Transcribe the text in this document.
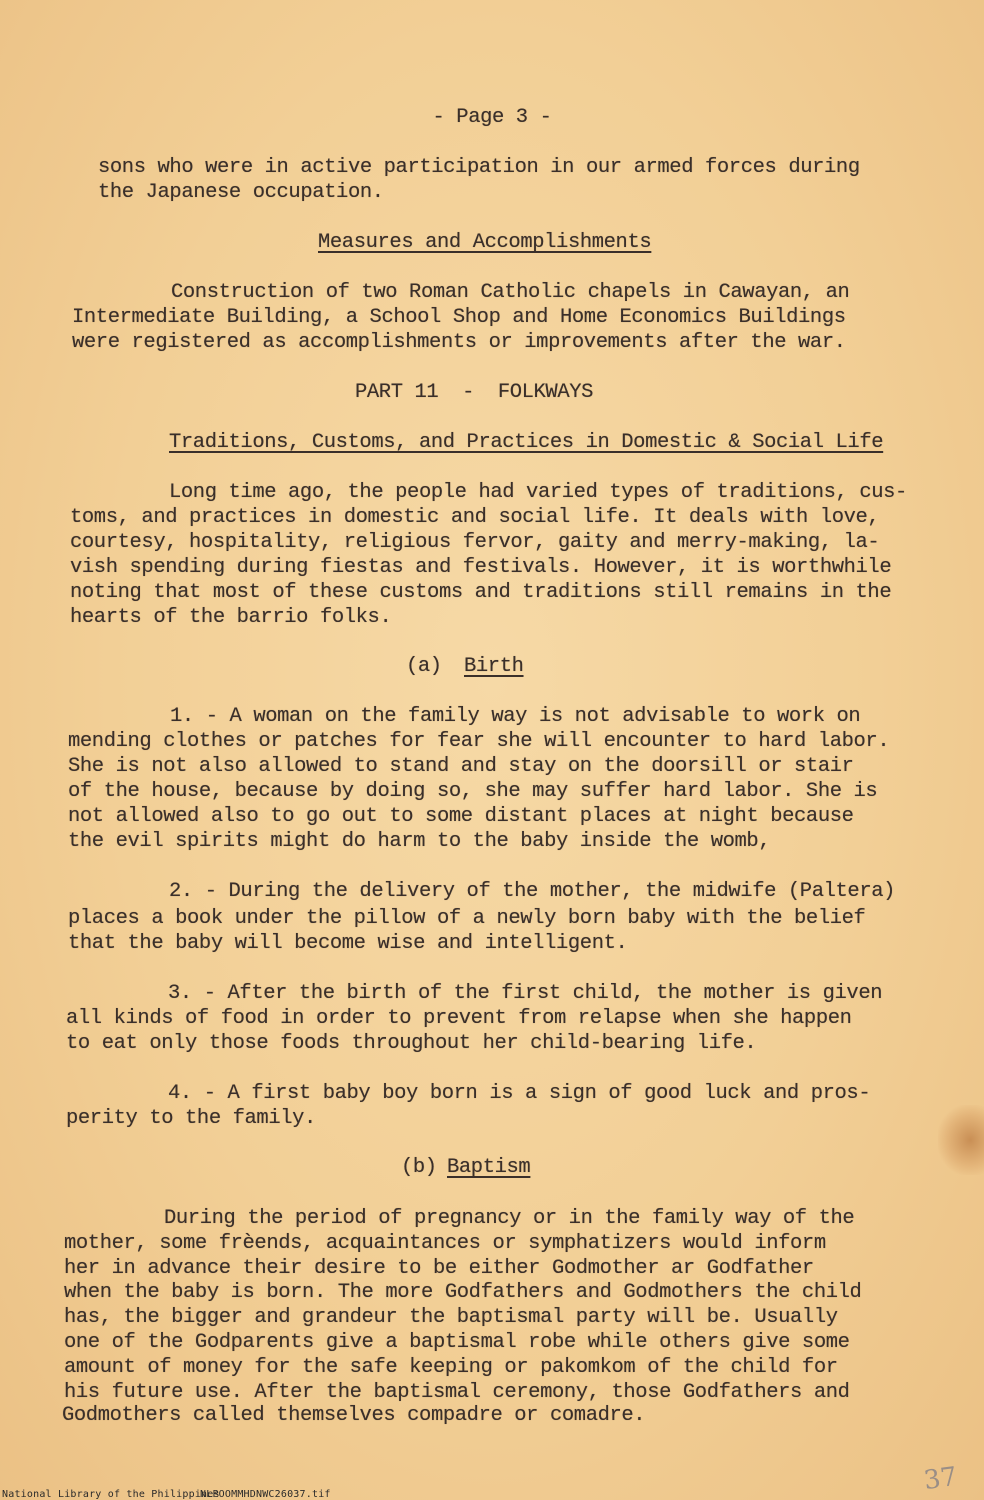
- Page 3 -
sons who were in active participation in our armed forces during
the Japanese occupation.
Measures and Accomplishments
Construction of two Roman Catholic chapels in Cawayan, an
Intermediate Building, a School Shop and Home Economics Buildings
were registered as accomplishments or improvements after the war.
PART 11  -  FOLKWAYS
Traditions, Customs, and Practices in Domestic & Social Life
Long time ago, the people had varied types of traditions, cus-
toms, and practices in domestic and social life. It deals with love,
courtesy, hospitality, religious fervor, gaity and merry-making, la-
vish spending during fiestas and festivals. However, it is worthwhile
noting that most of these customs and traditions still remains in the
hearts of the barrio folks.
(a) Birth
1. - A woman on the family way is not advisable to work on
mending clothes or patches for fear she will encounter to hard labor.
She is not also allowed to stand and stay on the doorsill or stair
of the house, because by doing so, she may suffer hard labor. She is
not allowed also to go out to some distant places at night because
the evil spirits might do harm to the baby inside the womb,
2. - During the delivery of the mother, the midwife (Paltera)
places a book under the pillow of a newly born baby with the belief
that the baby will become wise and intelligent.
3. - After the birth of the first child, the mother is given
all kinds of food in order to prevent from relapse when she happen
to eat only those foods throughout her child-bearing life.
4. - A first baby boy born is a sign of good luck and pros-
perity to the family.
(b) Baptism
During the period of pregnancy or in the family way of the
mother, some frèends, acquaintances or symphatizers would inform
her in advance their desire to be either Godmother ar Godfather
when the baby is born. The more Godfathers and Godmothers the child
has, the bigger and grandeur the baptismal party will be. Usually
one of the Godparents give a baptismal robe while others give some
amount of money for the safe keeping or pakomkom of the child for
his future use. After the baptismal ceremony, those Godfathers and
Godmothers called themselves compadre or comadre.
37
National Library of the Philippines
NLPOOMMHDNWC26037.tif
